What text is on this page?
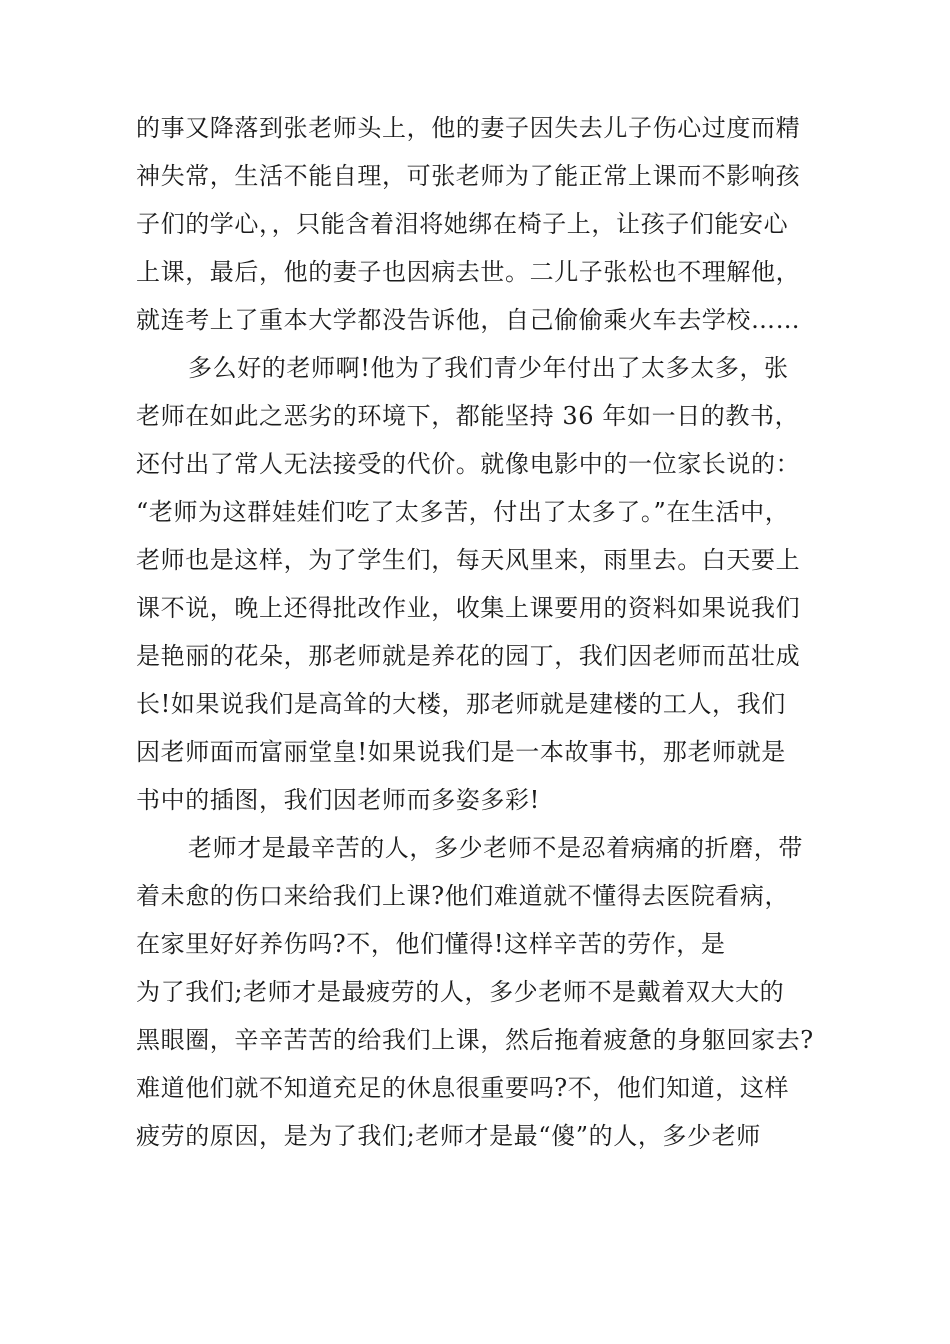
的事又降落到张老师头上，他的妻子因失去儿子伤心过度而精
神失常，生活不能自理，可张老师为了能正常上课而不影响孩
子们的学心，，只能含着泪将她绑在椅子上，让孩子们能安心
上课，最后，他的妻子也因病去世。二儿子张松也不理解他，
就连考上了重本大学都没告诉他，自己偷偷乘火车去学校……
多么好的老师啊!他为了我们青少年付出了太多太多，张
老师在如此之恶劣的环境下，都能坚持 36 年如一日的教书，
还付出了常人无法接受的代价。就像电影中的一位家长说的：
“老师为这群娃娃们吃了太多苦，付出了太多了。”在生活中，
老师也是这样，为了学生们，每天风里来，雨里去。白天要上
课不说，晚上还得批改作业，收集上课要用的资料如果说我们
是艳丽的花朵，那老师就是养花的园丁，我们因老师而茁壮成
长!如果说我们是高耸的大楼，那老师就是建楼的工人，我们
因老师面而富丽堂皇!如果说我们是一本故事书，那老师就是
书中的插图，我们因老师而多姿多彩!
老师才是最辛苦的人，多少老师不是忍着病痛的折磨，带
着未愈的伤口来给我们上课?他们难道就不懂得去医院看病，
在家里好好养伤吗?不，他们懂得!这样辛苦的劳作，是
为了我们;老师才是最疲劳的人，多少老师不是戴着双大大的
黑眼圈，辛辛苦苦的给我们上课，然后拖着疲惫的身躯回家去?
难道他们就不知道充足的休息很重要吗?不，他们知道，这样
疲劳的原因，是为了我们;老师才是最“傻”的人，多少老师
